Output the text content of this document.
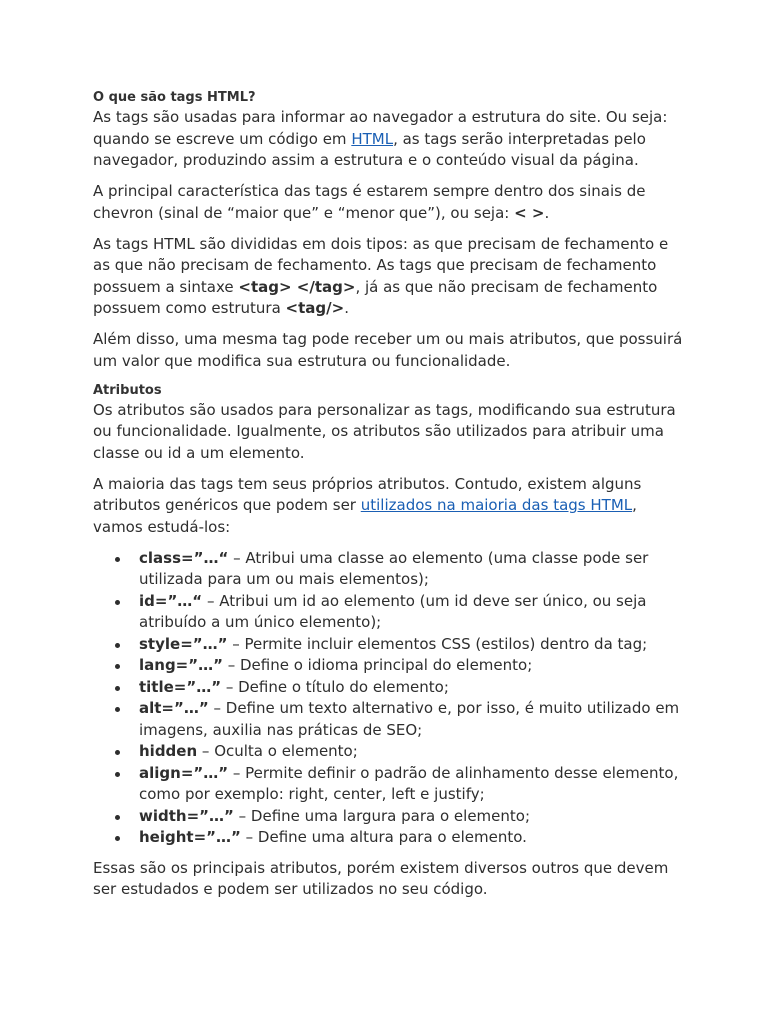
O que são tags HTML?

As tags são usadas para informar ao navegador a estrutura do site. Ou seja: quando se escreve um código em HTML, as tags serão interpretadas pelo navegador, produzindo assim a estrutura e o conteúdo visual da página.

A principal característica das tags é estarem sempre dentro dos sinais de chevron (sinal de “maior que” e “menor que”), ou seja: < >.

As tags HTML são divididas em dois tipos: as que precisam de fechamento e as que não precisam de fechamento. As tags que precisam de fechamento possuem a sintaxe <tag> </tag>, já as que não precisam de fechamento possuem como estrutura <tag/>.

Além disso, uma mesma tag pode receber um ou mais atributos, que possuirá um valor que modifica sua estrutura ou funcionalidade.

Atributos

Os atributos são usados para personalizar as tags, modificando sua estrutura ou funcionalidade. Igualmente, os atributos são utilizados para atribuir uma classe ou id a um elemento.

A maioria das tags tem seus próprios atributos. Contudo, existem alguns atributos genéricos que podem ser utilizados na maioria das tags HTML, vamos estudá-los:

class=”…“ – Atribui uma classe ao elemento (uma classe pode ser utilizada para um ou mais elementos);
id=”…“ – Atribui um id ao elemento (um id deve ser único, ou seja atribuído a um único elemento);
style=”…” – Permite incluir elementos CSS (estilos) dentro da tag;
lang=”…” – Define o idioma principal do elemento;
title=”…” – Define o título do elemento;
alt=”…” – Define um texto alternativo e, por isso, é muito utilizado em imagens, auxilia nas práticas de SEO;
hidden – Oculta o elemento;
align=”…” – Permite definir o padrão de alinhamento desse elemento, como por exemplo: right, center, left e justify;
width=”…” – Define uma largura para o elemento;
height=”…” – Define uma altura para o elemento.

Essas são os principais atributos, porém existem diversos outros que devem ser estudados e podem ser utilizados no seu código.
